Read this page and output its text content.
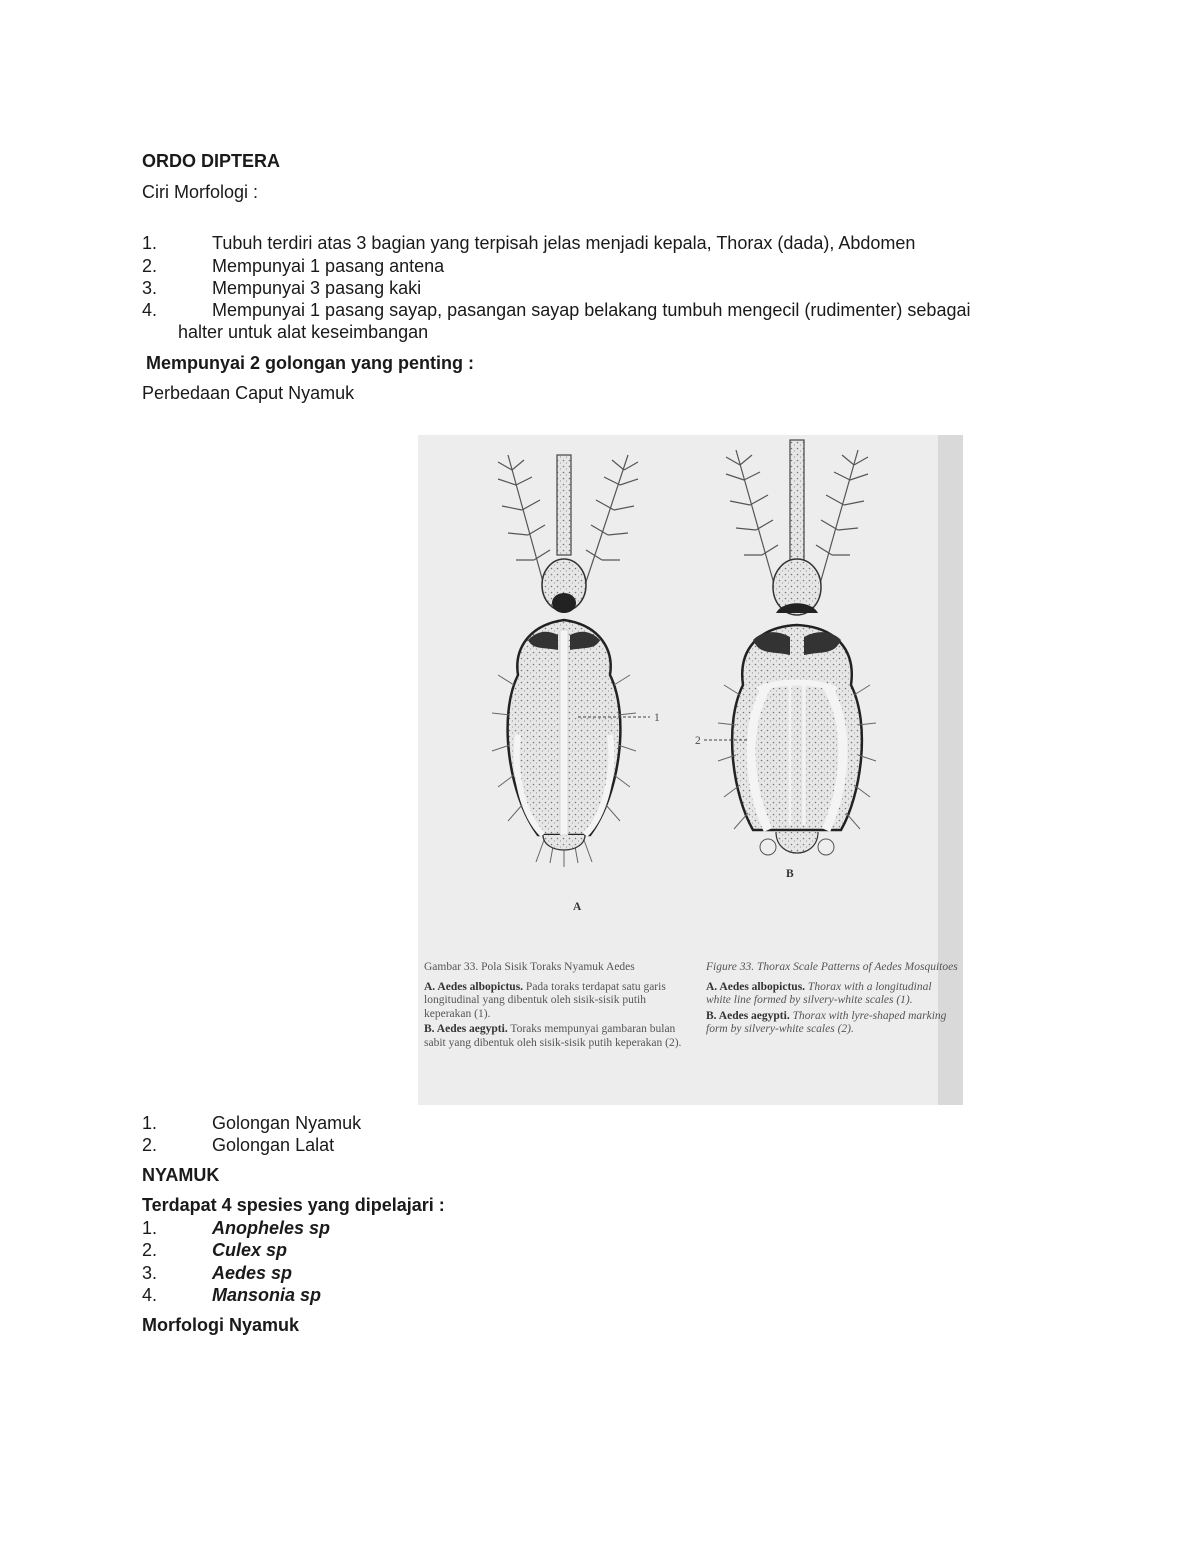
ORDO DIPTERA
Ciri Morfologi :
1.	Tubuh terdiri atas 3 bagian yang terpisah jelas menjadi kepala, Thorax (dada), Abdomen
2.	Mempunyai 1 pasang antena
3.	Mempunyai 3 pasang kaki
4.	Mempunyai 1 pasang sayap, pasangan sayap belakang tumbuh mengecil (rudimenter) sebagai
halter untuk alat keseimbangan
Mempunyai 2 golongan yang penting :
Perbedaan Caput Nyamuk
1
A
2
B
Gambar 33. Pola Sisik Toraks Nyamuk Aedes
A. Aedes albopictus. Pada toraks terdapat satu garis longitudinal yang dibentuk oleh sisik-sisik putih keperakan (1).
B. Aedes aegypti. Toraks mempunyai gambaran bulan sabit yang dibentuk oleh sisik-sisik putih keperakan (2).
Figure 33. Thorax Scale Patterns of Aedes Mosquitoes
A. Aedes albopictus. Thorax with a longitudinal white line formed by silvery-white scales (1).
B. Aedes aegypti. Thorax with lyre-shaped marking form by silvery-white scales (2).
1.	Golongan Nyamuk
2.	Golongan Lalat
NYAMUK
Terdapat 4 spesies yang dipelajari :
1.	Anopheles sp
2.	Culex sp
3.	Aedes sp
4.	Mansonia sp
Morfologi Nyamuk
